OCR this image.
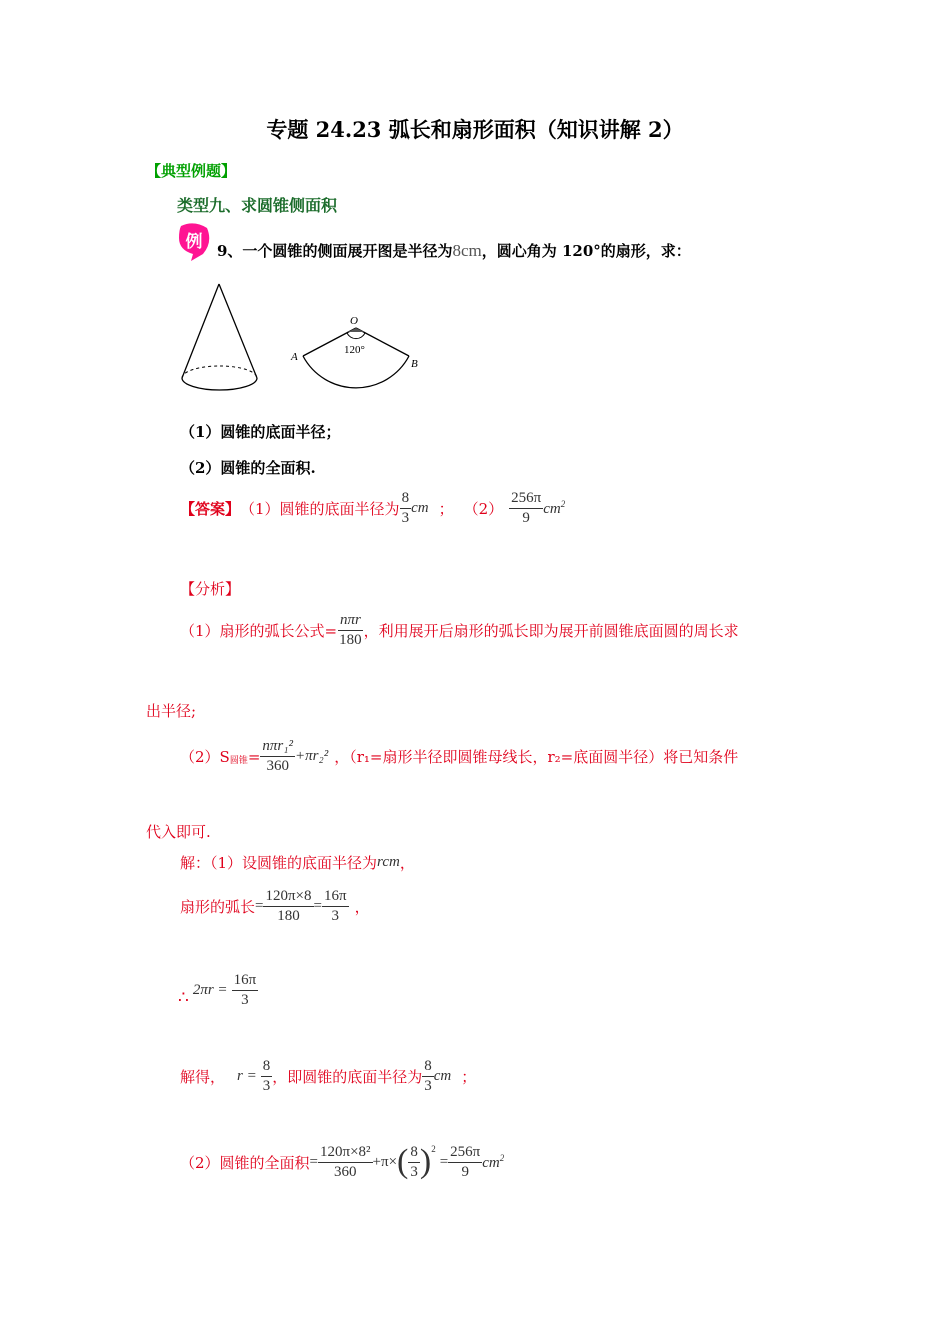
专题 24.23 弧长和扇形面积（知识讲解 2）
【典型例题】
类型九、求圆锥侧面积
例 9、一个圆锥的侧面展开图是半径为8cm，圆心角为 120°的扇形，求：
O
120°
A
B
（1）圆锥的底面半径；
（2）圆锥的全面积.
【答案】 （1）圆锥的底面半径为 $\frac{8}{3}$ cm ； $(2) \frac{256\pi}{9} cm^2$
【分析】
（1）扇形的弧长公式= $\frac{\text{nπr}}{180}$ ，利用展开后扇形的弧长即为展开前圆锥底面圆的周长求
出半径;
（2）S 圆锥 = $\frac{\text{nπr₁²}}{360} +\pi r_2^2$ ，（r₁=扇形半径即圆锥母线长，r₂=底面圆半径）将已知条件
代入即可.
解：（1）设圆锥的底面半径为 rcm ，
扇形的弧长 = $\frac{120\pi\times 8}{180} = \frac{16\pi}{3}$ ，
∴ $2\pi r = \frac{16\pi}{3}$
解得， $r = \frac{8}{3}$ ，即圆锥的底面半径为 $\frac{8}{3}$ cm ；
（2）圆锥的全面积 = $\frac{\text{120π×8²}}{360} +\pi\times$ ( $\frac{8}{3}$ ) 2
= $\frac{256\pi}{9} cm^2$
